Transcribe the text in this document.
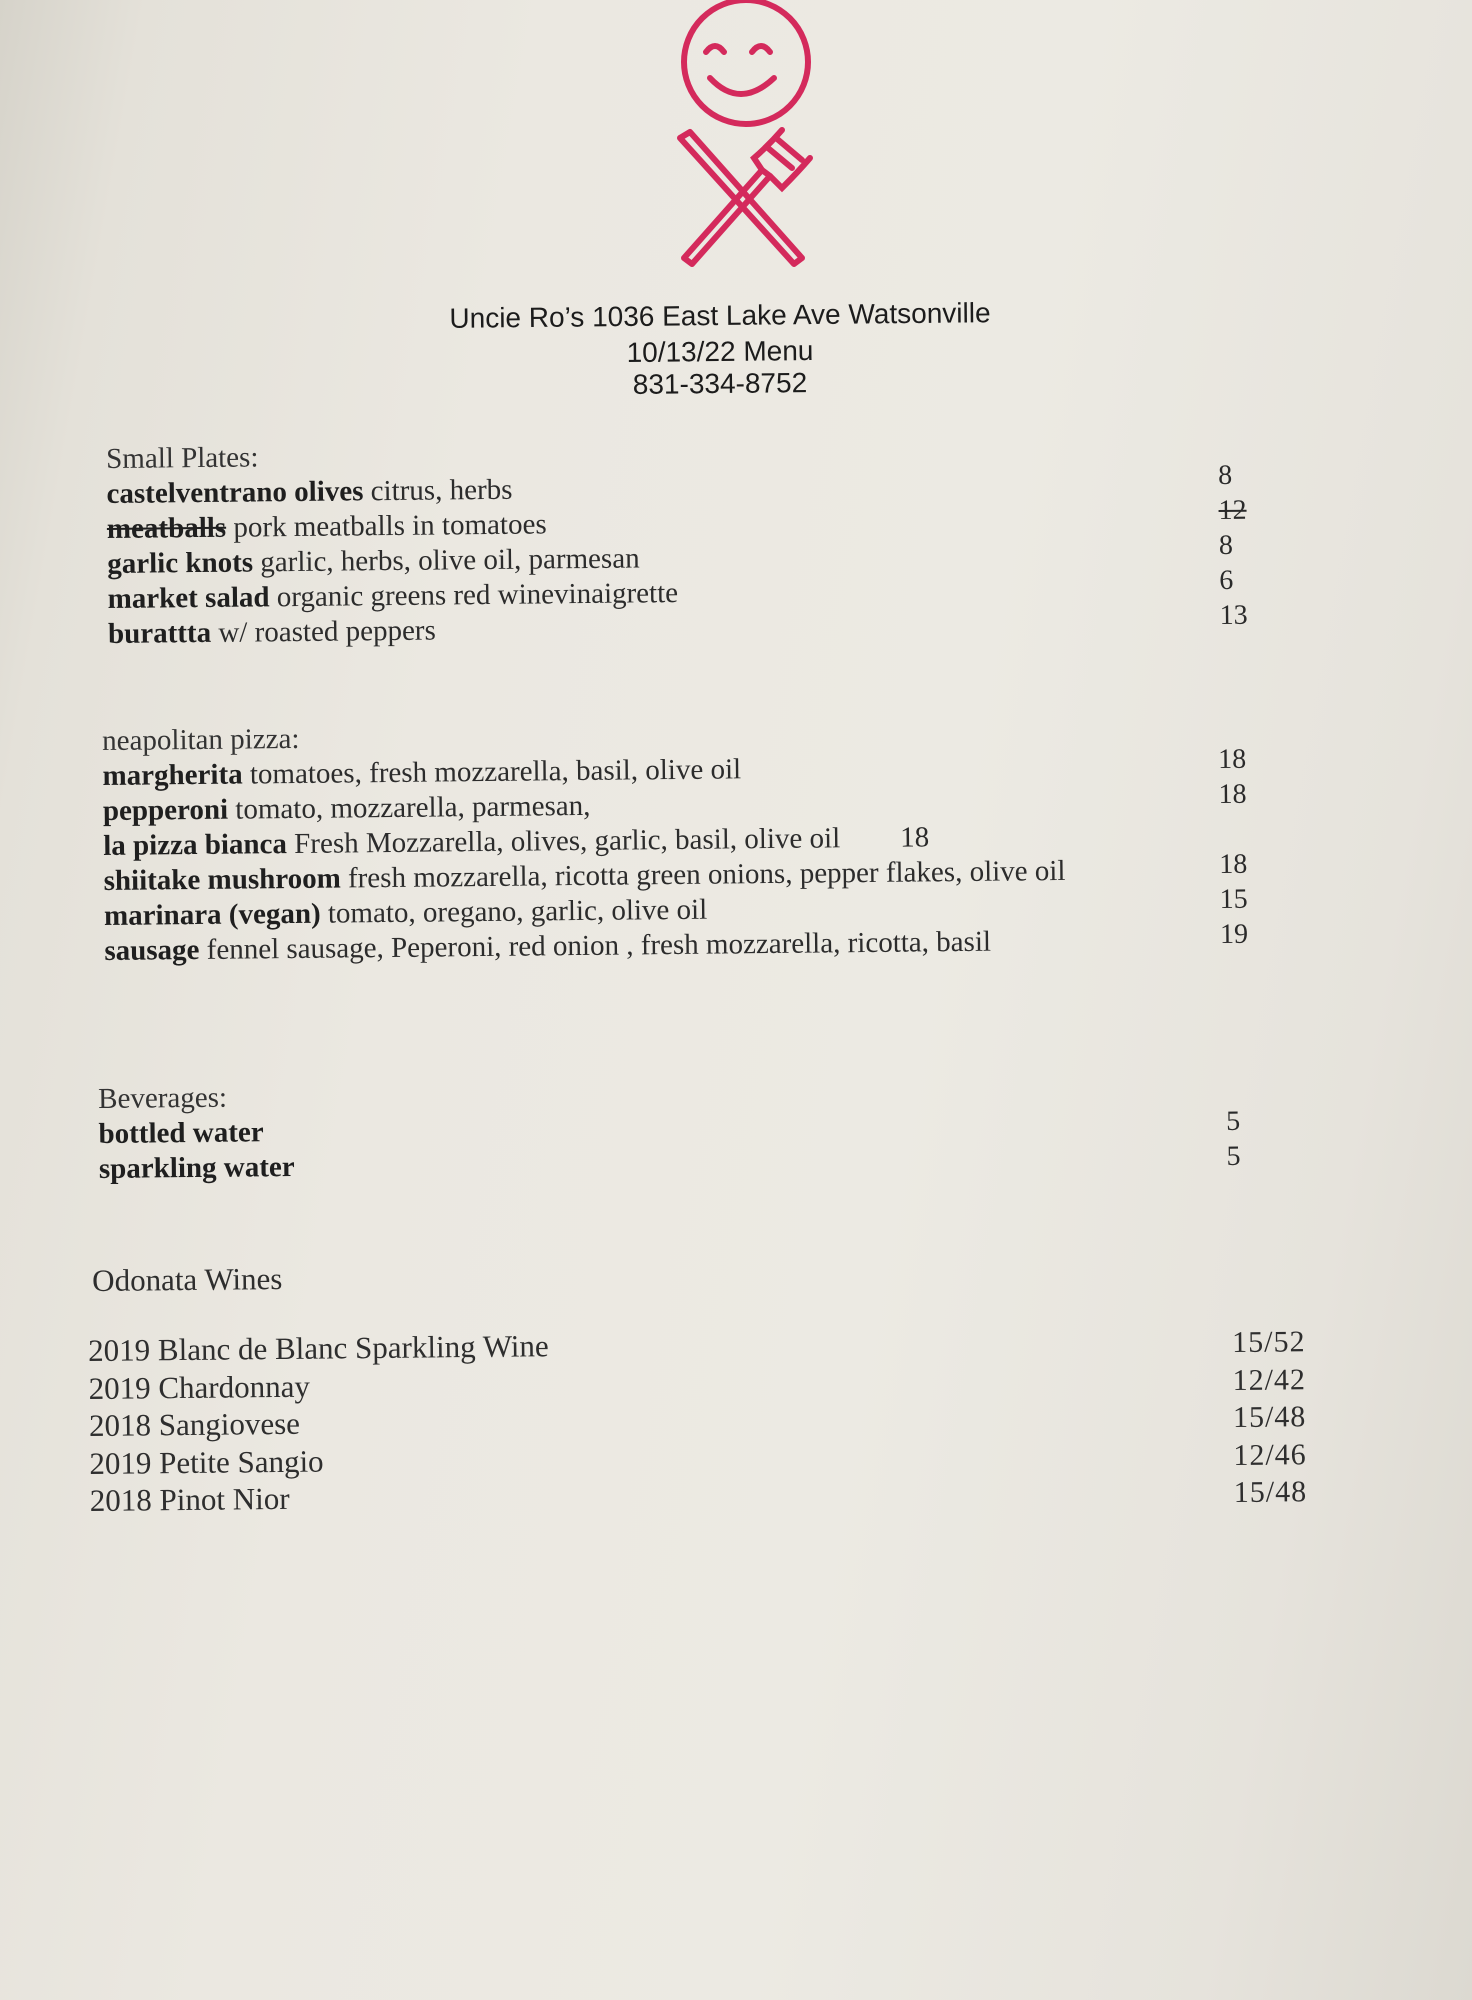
Uncie Ro’s 1036 East Lake Ave Watsonville
10/13/22 Menu
831-334-8752
Small Plates:
castelventrano olives citrus, herbs
meatballs pork meatballs in tomatoes
garlic knots garlic, herbs, olive oil, parmesan
market salad organic greens red winevinaigrette
burattta w/ roasted peppers
8
12
8
6
13
neapolitan pizza:
margherita tomatoes, fresh mozzarella, basil, olive oil
pepperoni tomato, mozzarella, parmesan,
la pizza bianca Fresh Mozzarella, olives, garlic, basil, olive oil 18
shiitake mushroom fresh mozzarella, ricotta green onions, pepper flakes, olive oil
marinara (vegan) tomato, oregano, garlic, olive oil
sausage fennel sausage, Peperoni, red onion , fresh mozzarella, ricotta, basil
18
18
18
15
19
Beverages:
bottled water
sparkling water
5
5
Odonata Wines
2019 Blanc de Blanc Sparkling Wine
2019 Chardonnay
2018 Sangiovese
2019 Petite Sangio
2018 Pinot Nior
15/52
12/42
15/48
12/46
15/48
